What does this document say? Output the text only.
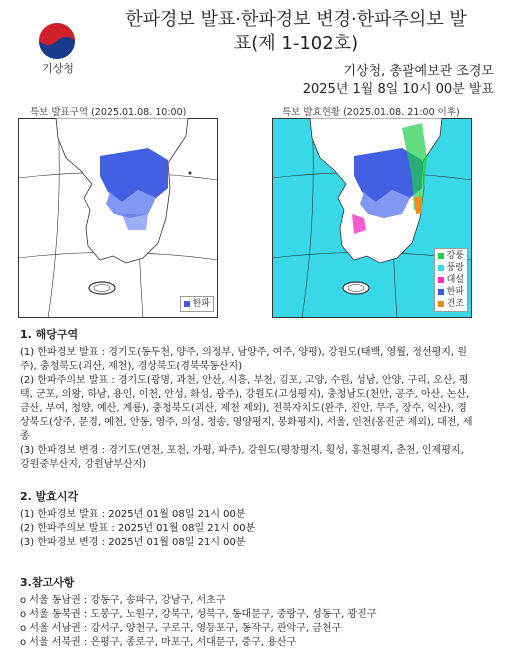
기상청
한파경보 발표·한파경보 변경·한파주의보 발
표(제 1-102호)
기상청, 총괄예보관 조경모
2025년 1월 8일 10시 00분 발표
특보 발표구역 (2025.01.08. 10:00)	특보 발효현황 (2025.01.08. 21:00 이후)
한파
강풍
풍랑
대설
한파
건조
1. 해당구역
(1) 한파경보 발표 : 경기도(동두천, 양주, 의정부, 남양주, 여주, 양평), 강원도(태백, 영월, 정선평지, 원
주), 충청북도(괴산, 제천), 경상북도(경북북동산지)
(2) 한파주의보 발표 : 경기도(광명, 과천, 안산, 시흥, 부천, 김포, 고양, 수원, 성남, 안양, 구리, 오산, 평
택, 군포, 의왕, 하남, 용인, 이천, 안성, 화성, 광주), 강원도(고성평지), 충청남도(천안, 공주, 아산, 논산,
금산, 부여, 청양, 예산, 계룡), 충청북도(괴산, 제천 제외), 전북자치도(완주, 진안, 무주, 장수, 익산), 경
상북도(상주, 문경, 예천, 안동, 영주, 의성, 청송, 영양평지, 봉화평지), 서울, 인천(옹진군 제외), 대전, 세
종
(3) 한파경보 변경 : 경기도(연천, 포천, 가평, 파주), 강원도(평창평지, 횡성, 홍천평지, 춘천, 인제평지,
강원중부산지, 강원남부산지)
2. 발효시각
(1) 한파경보 발표 : 2025년 01월 08일 21시 00분
(2) 한파주의보 발표 : 2025년 01월 08일 21시 00분
(3) 한파경보 변경 : 2025년 01월 08일 21시 00분
3.참고사항
o 서울 동남권 : 강동구, 송파구, 강남구, 서초구
o 서울 동북권 : 도봉구, 노원구, 강북구, 성북구, 동대문구, 중랑구, 성동구, 광진구
o 서울 서남권 : 강서구, 양천구, 구로구, 영등포구, 동작구, 관악구, 금천구
o 서울 서북권 : 은평구, 종로구, 마포구, 서대문구, 중구, 용산구
